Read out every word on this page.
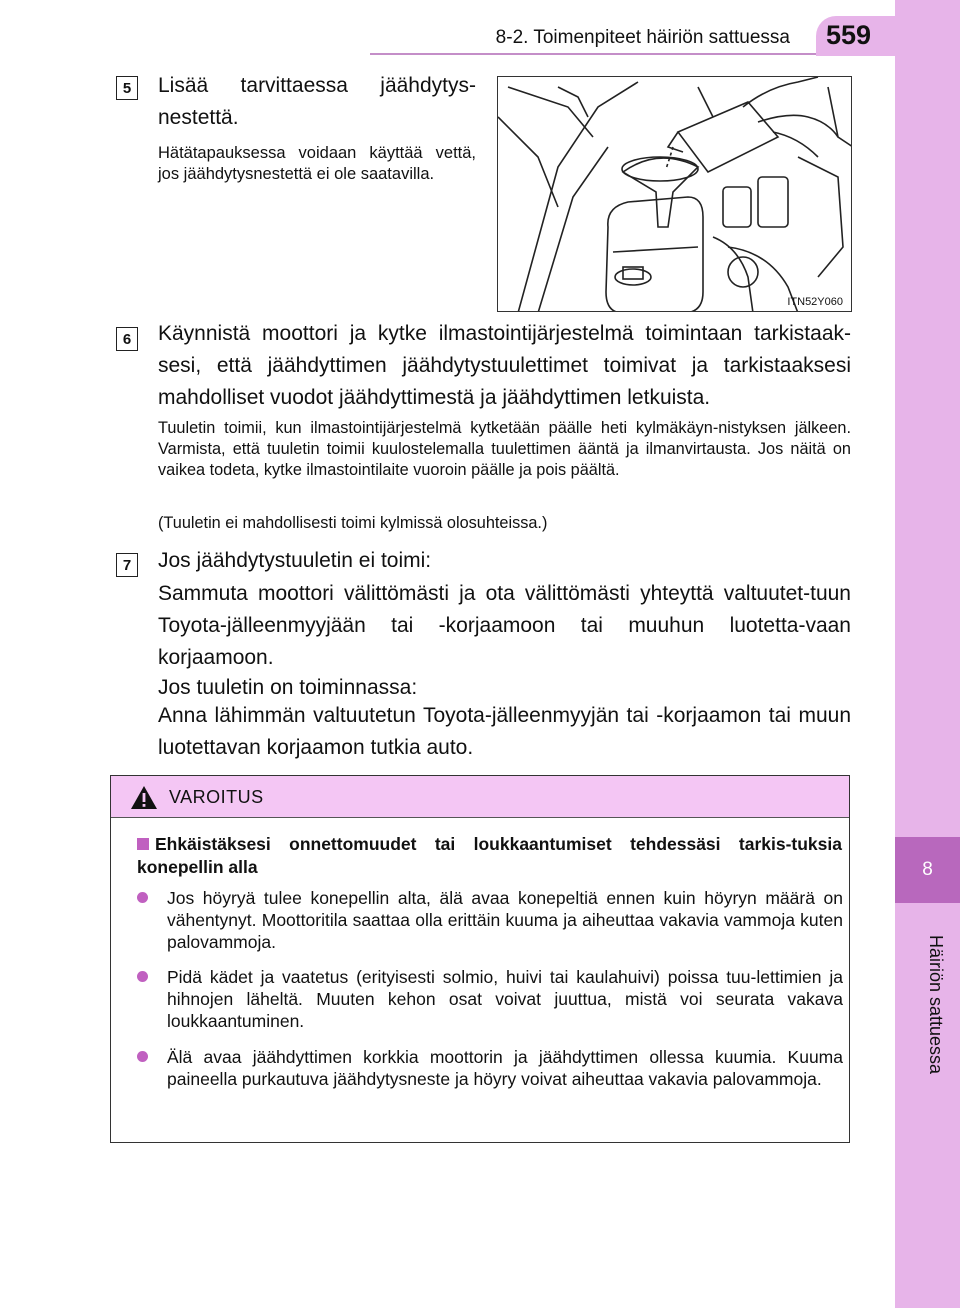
8
Häiriön sattuessa
8-2. Toimenpiteet häiriön sattuessa 559
5	Lisää tarvittaessa jäähdytys-nestettä.

Hätätapauksessa voidaan käyttää vettä, jos jäähdytysnestettä ei ole saatavilla.

ITN52Y060
6	Käynnistä moottori ja kytke ilmastointijärjestelmä toimintaan tarkistaak-sesi, että jäähdyttimen jäähdytystuulettimet toimivat ja tarkistaaksesi mahdolliset vuodot jäähdyttimestä ja jäähdyttimen letkuista.

Tuuletin toimii, kun ilmastointijärjestelmä kytketään päälle heti kylmäkäyn-nistyksen jälkeen. Varmista, että tuuletin toimii kuulostelemalla tuulettimen ääntä ja ilmanvirtausta. Jos näitä on vaikea todeta, kytke ilmastointilaite vuoroin päälle ja pois päältä.

(Tuuletin ei mahdollisesti toimi kylmissä olosuhteissa.)

7	Jos jäähdytystuuletin ei toimi:

Sammuta moottori välittömästi ja ota välittömästi yhteyttä valtuutet-tuun Toyota-jälleenmyyjään tai -korjaamoon tai muuhun luotetta-vaan korjaamoon.

Jos tuuletin on toiminnassa:

Anna lähimmän valtuutetun Toyota-jälleenmyyjän tai -korjaamon tai muun luotettavan korjaamon tutkia auto.

VAROITUS

Ehkäistäksesi onnettomuudet tai loukkaantumiset tehdessäsi tarkis-tuksia konepellin alla

Jos höyryä tulee konepellin alta, älä avaa konepeltiä ennen kuin höyryn määrä on vähentynyt. Moottoritila saattaa olla erittäin kuuma ja aiheuttaa vakavia vammoja kuten palovammoja.

Pidä kädet ja vaatetus (erityisesti solmio, huivi tai kaulahuivi) poissa tuu-lettimien ja hihnojen läheltä. Muuten kehon osat voivat juuttua, mistä voi seurata vakava loukkaantuminen.

Älä avaa jäähdyttimen korkkia moottorin ja jäähdyttimen ollessa kuumia. Kuuma paineella purkautuva jäähdytysneste ja höyry voivat aiheuttaa vakavia palovammoja.
